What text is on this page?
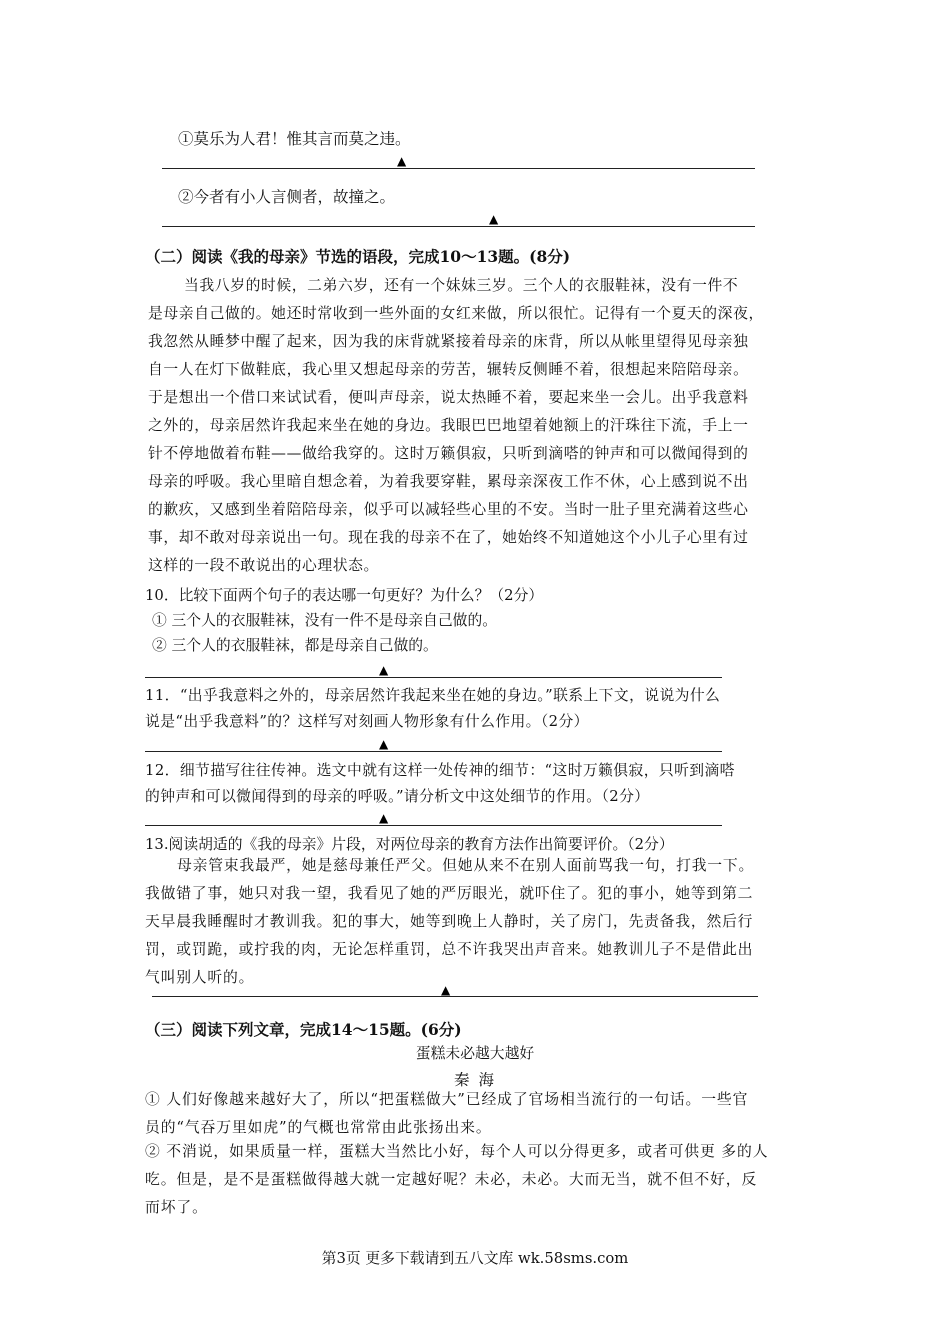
①莫乐为人君！惟其言而莫之违。

▲

②今者有小人言侧者，故撞之。

▲

（二）阅读《我的母亲》节选的语段，完成10～13题。(8分)

当我八岁的时候，二弟六岁，还有一个妹妹三岁。三个人的衣服鞋袜，没有一件不
是母亲自己做的。她还时常收到一些外面的女红来做，所以很忙。记得有一个夏天的深夜，
我忽然从睡梦中醒了起来，因为我的床背就紧接着母亲的床背，所以从帐里望得见母亲独
自一人在灯下做鞋底，我心里又想起母亲的劳苦，辗转反侧睡不着，很想起来陪陪母亲。
于是想出一个借口来试试看，便叫声母亲，说太热睡不着，要起来坐一会儿。出乎我意料
之外的，母亲居然许我起来坐在她的身边。我眼巴巴地望着她额上的汗珠往下流，手上一
针不停地做着布鞋——做给我穿的。这时万籁俱寂，只听到滴嗒的钟声和可以微闻得到的
母亲的呼吸。我心里暗自想念着，为着我要穿鞋，累母亲深夜工作不休，心上感到说不出
的歉疚，又感到坐着陪陪母亲，似乎可以减轻些心里的不安。当时一肚子里充满着这些心
事，却不敢对母亲说出一句。现在我的母亲不在了，她始终不知道她这个小儿子心里有过
这样的一段不敢说出的心理状态。

10．比较下面两个句子的表达哪一句更好？为什么？（2分）

① 三个人的衣服鞋袜，没有一件不是母亲自己做的。

② 三个人的衣服鞋袜，都是母亲自己做的。

▲

11．“出乎我意料之外的，母亲居然许我起来坐在她的身边。”联系上下文，说说为什么

说是“出乎我意料”的？这样写对刻画人物形象有什么作用。（2分）

▲

12．细节描写往往传神。选文中就有这样一处传神的细节：“这时万籁俱寂，只听到滴嗒

的钟声和可以微闻得到的母亲的呼吸。”请分析文中这处细节的作用。（2分）

▲

13.阅读胡适的《我的母亲》片段，对两位母亲的教育方法作出简要评价。（2分）

母亲管束我最严，她是慈母兼任严父。但她从来不在别人面前骂我一句，打我一下。
我做错了事，她只对我一望，我看见了她的严厉眼光，就吓住了。犯的事小，她等到第二
天早晨我睡醒时才教训我。犯的事大，她等到晚上人静时，关了房门，先责备我，然后行
罚，或罚跪，或拧我的肉，无论怎样重罚，总不许我哭出声音来。她教训儿子不是借此出
气叫别人听的。
▲

（三）阅读下列文章，完成14～15题。(6分)

蛋糕未必越大越好

秦 海

① 人们好像越来越好大了，所以“把蛋糕做大”已经成了官场相当流行的一句话。一些官
员的“气吞万里如虎”的气概也常常由此张扬出来。
② 不消说，如果质量一样，蛋糕大当然比小好，每个人可以分得更多，或者可供更 多的人
吃。但是，是不是蛋糕做得越大就一定越好呢？未必，未必。大而无当，就不但不好，反
而坏了。

第3页 更多下载请到五八文库 wk.58sms.com
